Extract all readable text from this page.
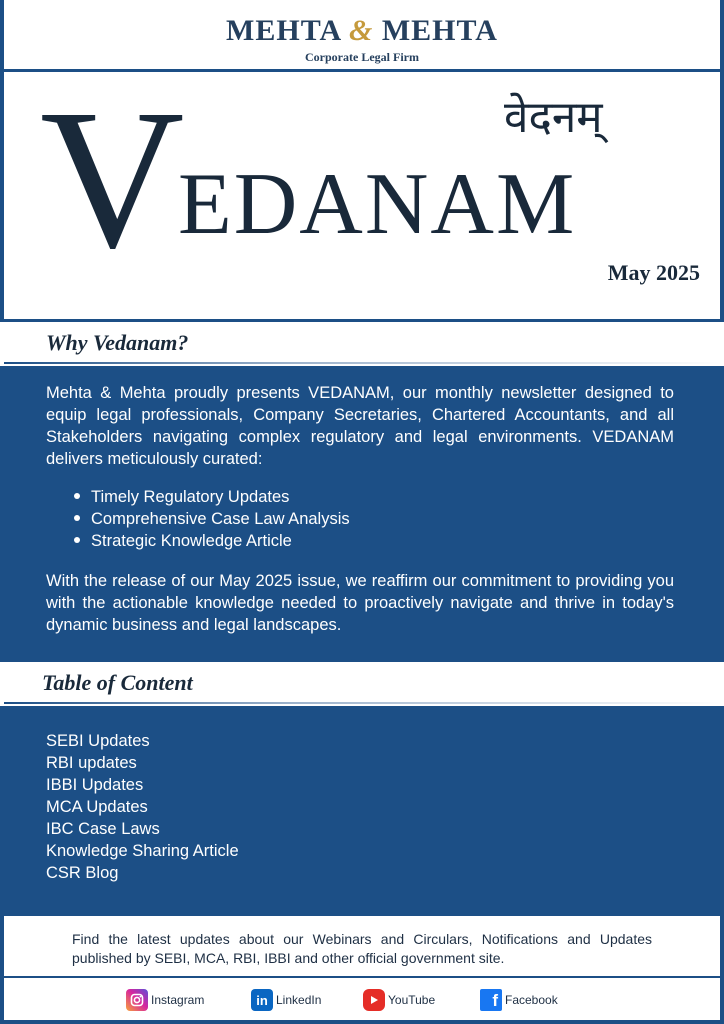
MEHTA & MEHTA
Corporate Legal Firm
V
EDANAM
वेदनम्
May 2025
Why Vedanam?

Mehta & Mehta proudly presents VEDANAM, our monthly newsletter designed to equip legal professionals, Company Secretaries, Chartered Accountants, and all Stakeholders navigating complex regulatory and legal environments. VEDANAM delivers meticulously curated:

Timely Regulatory Updates
Comprehensive Case Law Analysis
Strategic Knowledge Article

With the release of our May 2025 issue, we reaffirm our commitment to providing you with the actionable knowledge needed to proactively navigate and thrive in today's dynamic business and legal landscapes.

Table of Content
SEBI Updates
RBI updates
IBBI Updates
MCA Updates
IBC Case Laws
Knowledge Sharing Article
CSR Blog
Find the latest updates about our Webinars and Circulars, Notifications and Updates published by SEBI, MCA, RBI, IBBI and other official government site.
Instagram	in LinkedIn	YouTube	f Facebook
